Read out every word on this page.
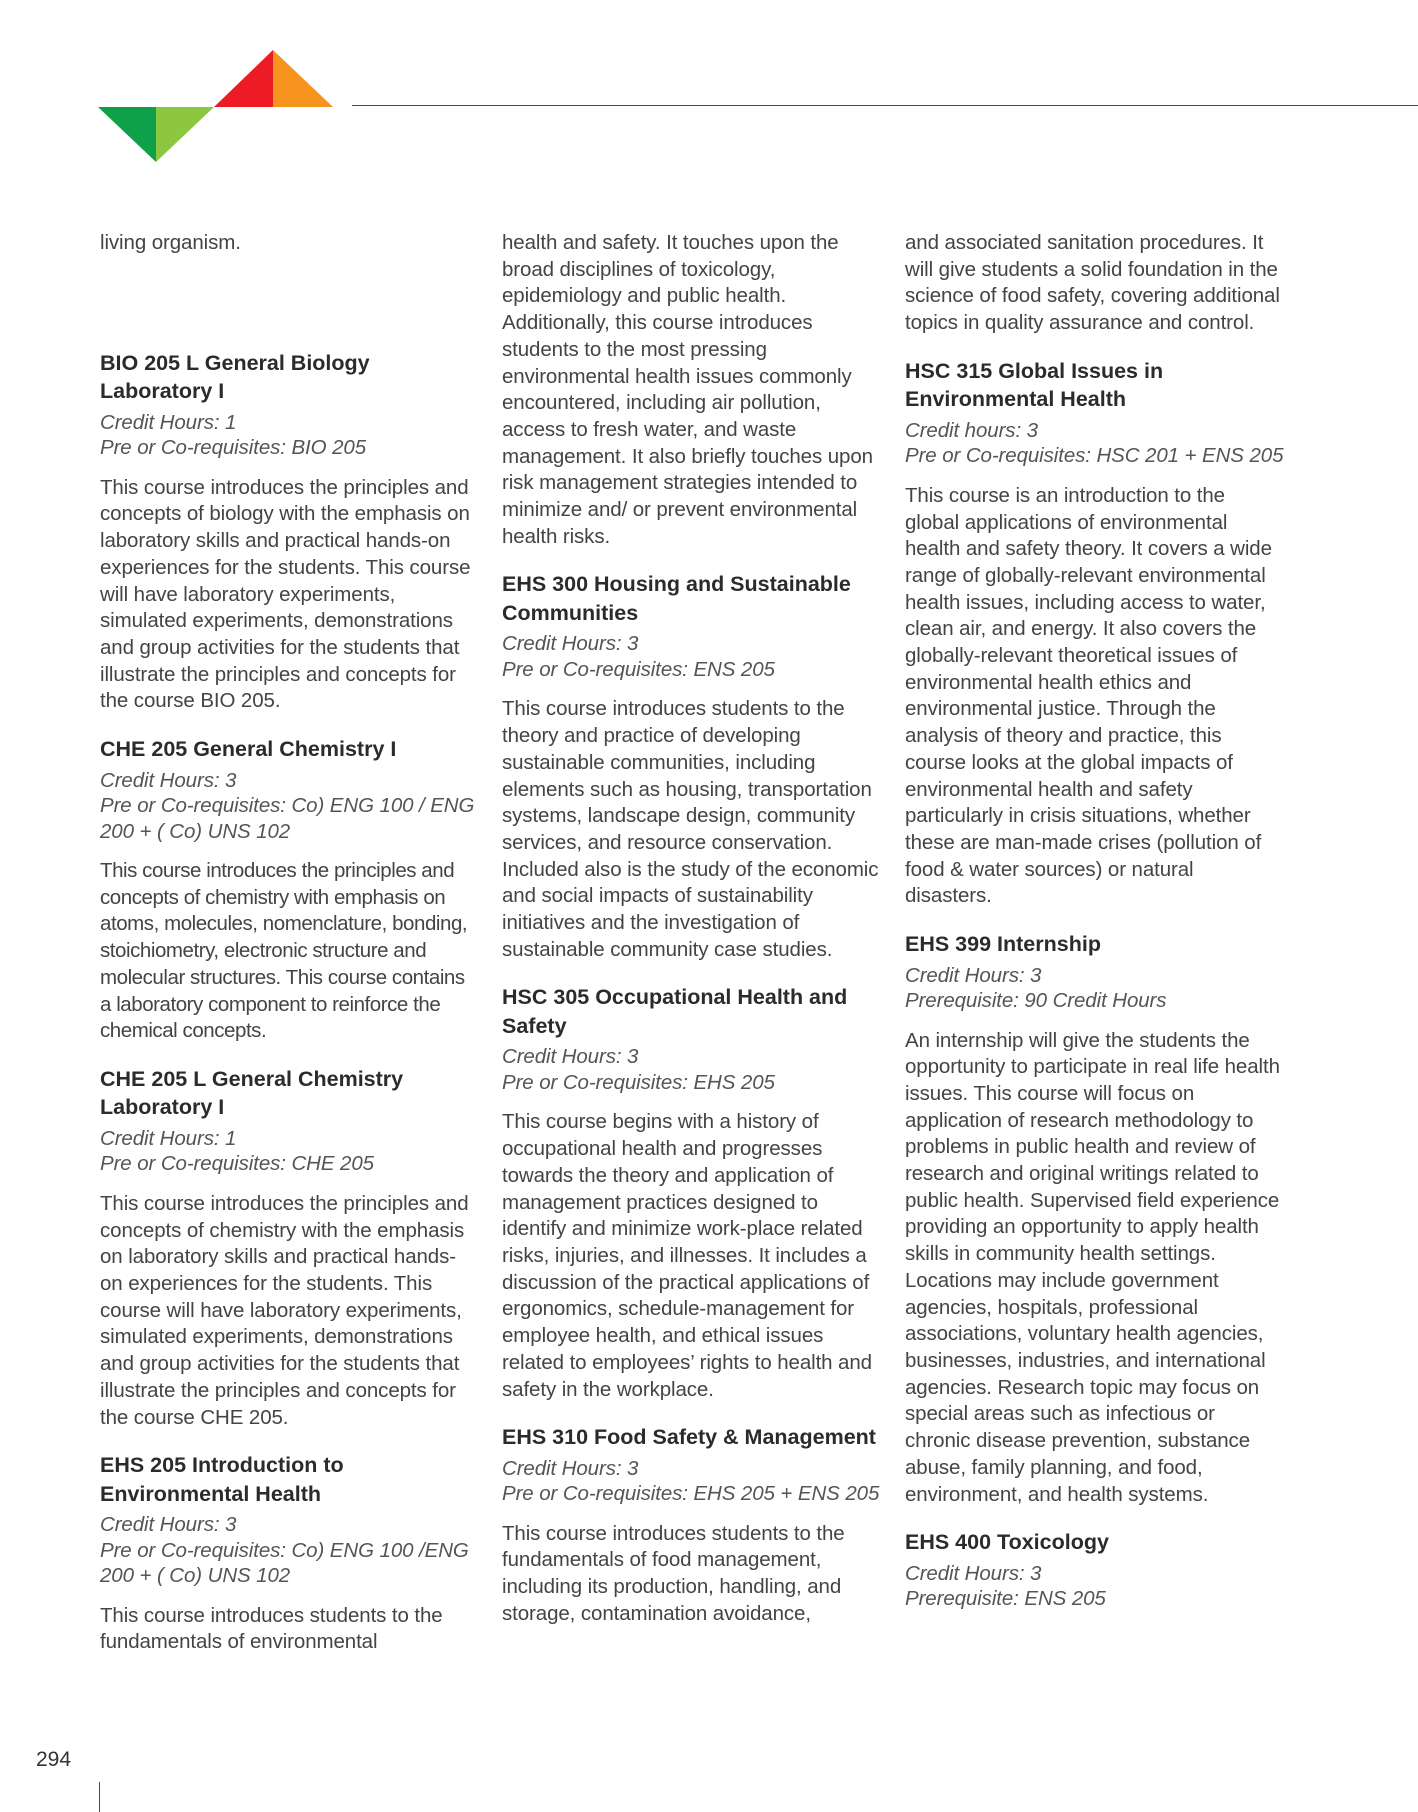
living organism.

BIO 205 L General Biology Laboratory I
Credit Hours: 1
Pre or Co-requisites: BIO 205

This course introduces the principles and concepts of biology with the emphasis on laboratory skills and practical hands-on experiences for the students. This course will have laboratory experiments, simulated experiments, demonstrations and group activities for the students that illustrate the principles and concepts for the course BIO 205.

CHE 205 General Chemistry I
Credit Hours: 3
Pre or Co-requisites: Co) ENG 100 / ENG 200 + ( Co) UNS 102

This course introduces the principles and concepts of chemistry with emphasis on atoms, molecules, nomenclature, bonding, stoichiometry, electronic structure and molecular structures. This course contains a laboratory component to reinforce the chemical concepts.

CHE 205 L General Chemistry Laboratory I
Credit Hours: 1
Pre or Co-requisites: CHE 205

This course introduces the principles and concepts of chemistry with the emphasis on laboratory skills and practical hands-on experiences for the students. This course will have laboratory experiments, simulated experiments, demonstrations and group activities for the students that illustrate the principles and concepts for the course CHE 205.

EHS 205 Introduction to Environmental Health
Credit Hours: 3
Pre or Co-requisites: Co) ENG 100 /ENG 200 + ( Co) UNS 102

This course introduces students to the fundamentals of environmental

health and safety. It touches upon the broad disciplines of toxicology, epidemiology and public health. Additionally, this course introduces students to the most pressing environmental health issues commonly encountered, including air pollution, access to fresh water, and waste management. It also briefly touches upon risk management strategies intended to minimize and/ or prevent environmental health risks.

EHS 300 Housing and Sustainable Communities
Credit Hours: 3
Pre or Co-requisites: ENS 205

This course introduces students to the theory and practice of developing sustainable communities, including elements such as housing, transportation systems, landscape design, community services, and resource conservation. Included also is the study of the economic and social impacts of sustainability initiatives and the investigation of sustainable community case studies.

HSC 305 Occupational Health and Safety
Credit Hours: 3
Pre or Co-requisites: EHS 205

This course begins with a history of occupational health and progresses towards the theory and application of management practices designed to identify and minimize work-place related risks, injuries, and illnesses. It includes a discussion of the practical applications of ergonomics, schedule-management for employee health, and ethical issues related to employees’ rights to health and safety in the workplace.

EHS 310 Food Safety & Management
Credit Hours: 3
Pre or Co-requisites: EHS 205 + ENS 205

This course introduces students to the fundamentals of food management, including its production, handling, and storage, contamination avoidance,

and associated sanitation procedures. It will give students a solid foundation in the science of food safety, covering additional topics in quality assurance and control.

HSC 315 Global Issues in Environmental Health
Credit hours: 3
Pre or Co-requisites: HSC 201 + ENS 205

This course is an introduction to the global applications of environmental health and safety theory. It covers a wide range of globally-relevant environmental health issues, including access to water, clean air, and energy. It also covers the globally-relevant theoretical issues of environmental health ethics and environmental justice. Through the analysis of theory and practice, this course looks at the global impacts of environmental health and safety particularly in crisis situations, whether these are man-made crises (pollution of food & water sources) or natural disasters.

EHS 399 Internship
Credit Hours: 3
Prerequisite: 90 Credit Hours

An internship will give the students the opportunity to participate in real life health issues. This course will focus on application of research methodology to problems in public health and review of research and original writings related to public health. Supervised field experience providing an opportunity to apply health skills in community health settings. Locations may include government agencies, hospitals, professional associations, voluntary health agencies, businesses, industries, and international agencies. Research topic may focus on special areas such as infectious or chronic disease prevention, substance abuse, family planning, and food, environment, and health systems.

EHS 400 Toxicology
Credit Hours: 3
Prerequisite: ENS 205
294
